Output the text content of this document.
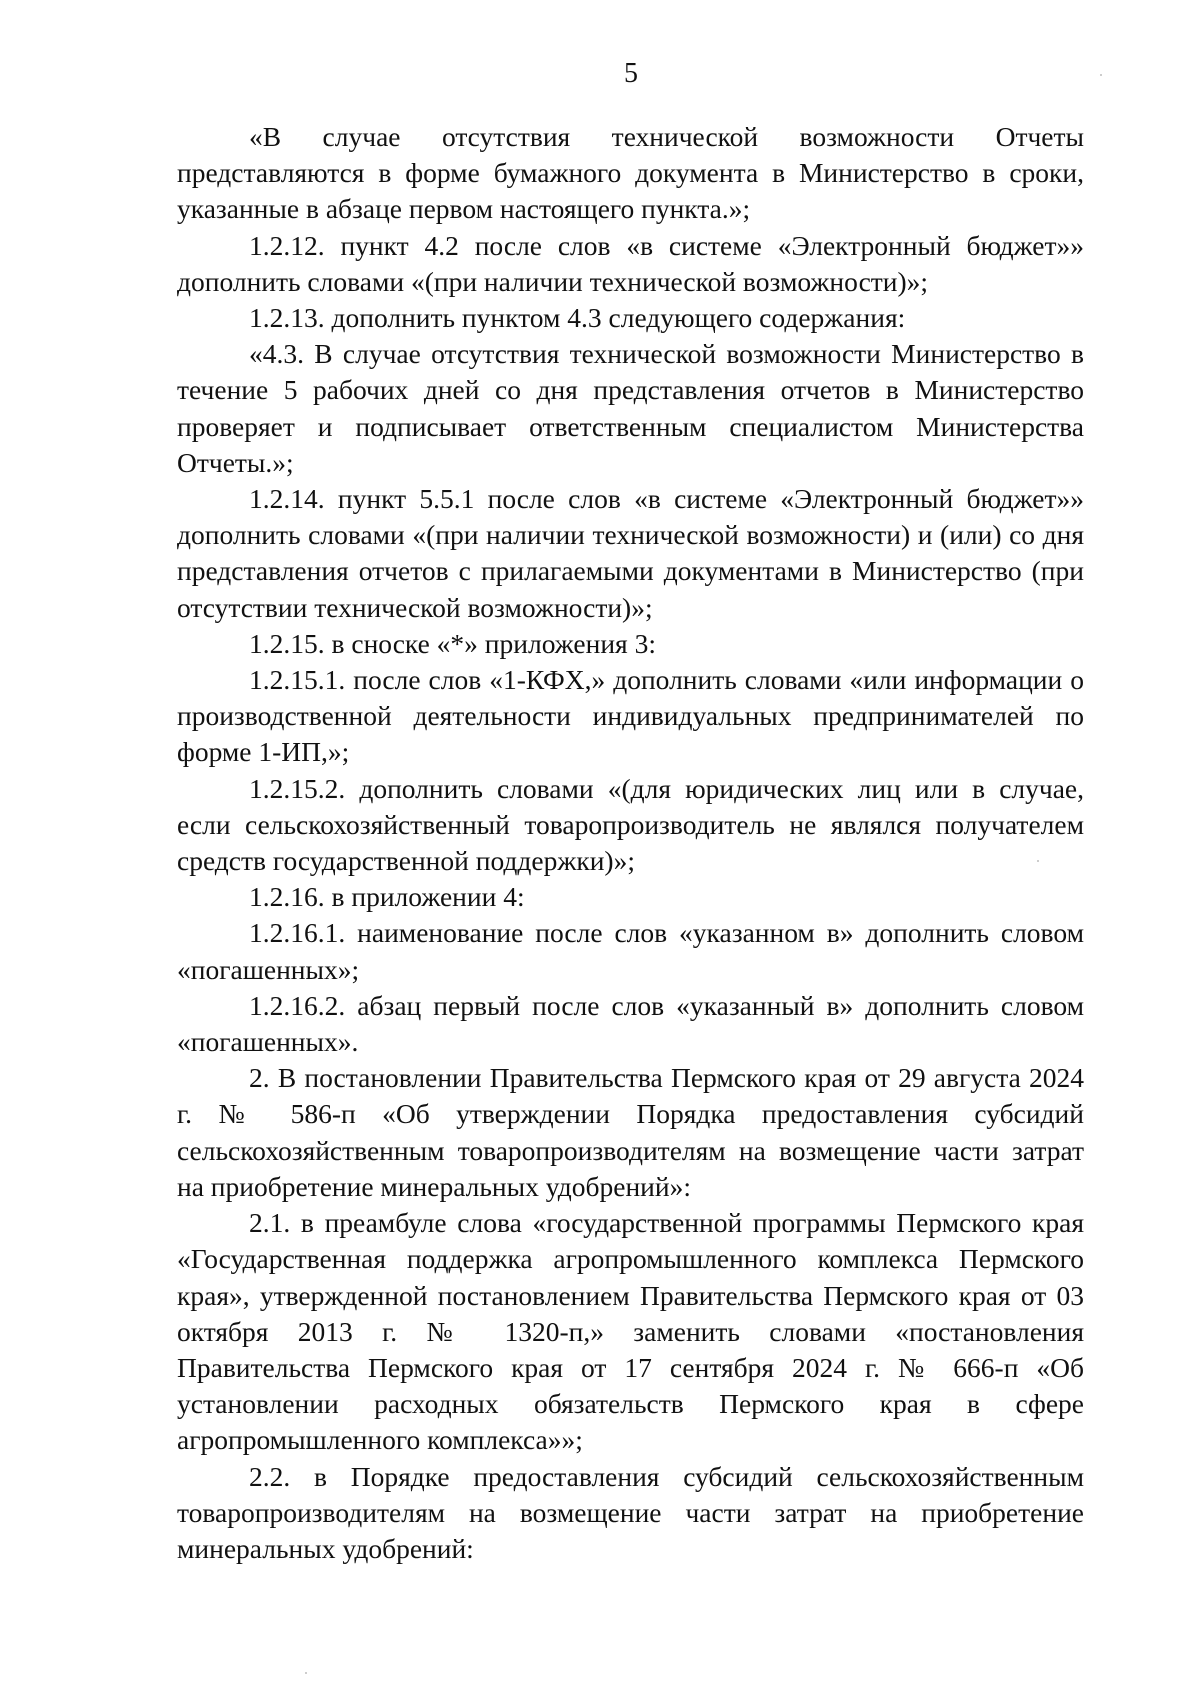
5

«В случае отсутствия технической возможности Отчеты представляются в форме бумажного документа в Министерство в сроки, указанные в абзаце первом настоящего пункта.»;

1.2.12. пункт 4.2 после слов «в системе «Электронный бюджет»» дополнить словами «(при наличии технической возможности)»;

1.2.13. дополнить пунктом 4.3 следующего содержания:

«4.3. В случае отсутствия технической возможности Министерство в течение 5 рабочих дней со дня представления отчетов в Министерство проверяет и подписывает ответственным специалистом Министерства Отчеты.»;

1.2.14. пункт 5.5.1 после слов «в системе «Электронный бюджет»» дополнить словами «(при наличии технической возможности) и (или) со дня представления отчетов с прилагаемыми документами в Министерство (при отсутствии технической возможности)»;

1.2.15. в сноске «*» приложения 3:

1.2.15.1. после слов «1-КФХ,» дополнить словами «или информации о производственной деятельности индивидуальных предпринимателей по форме 1-ИП,»;

1.2.15.2. дополнить словами «(для юридических лиц или в случае, если сельскохозяйственный товаропроизводитель не являлся получателем средств государственной поддержки)»;

1.2.16. в приложении 4:

1.2.16.1. наименование после слов «указанном в» дополнить словом «погашенных»;

1.2.16.2. абзац первый после слов «указанный в» дополнить словом «погашенных».

2. В постановлении Правительства Пермского края от 29 августа 2024 г. № 586-п «Об утверждении Порядка предоставления субсидий сельскохозяйственным товаропроизводителям на возмещение части затрат на приобретение минеральных удобрений»:

2.1. в преамбуле слова «государственной программы Пермского края «Государственная поддержка агропромышленного комплекса Пермского края», утвержденной постановлением Правительства Пермского края от 03 октября 2013 г. № 1320-п,» заменить словами «постановления Правительства Пермского края от 17 сентября 2024 г. № 666-п «Об установлении расходных обязательств Пермского края в сфере агропромышленного комплекса»»;

2.2. в Порядке предоставления субсидий сельскохозяйственным товаропроизводителям на возмещение части затрат на приобретение минеральных удобрений:
